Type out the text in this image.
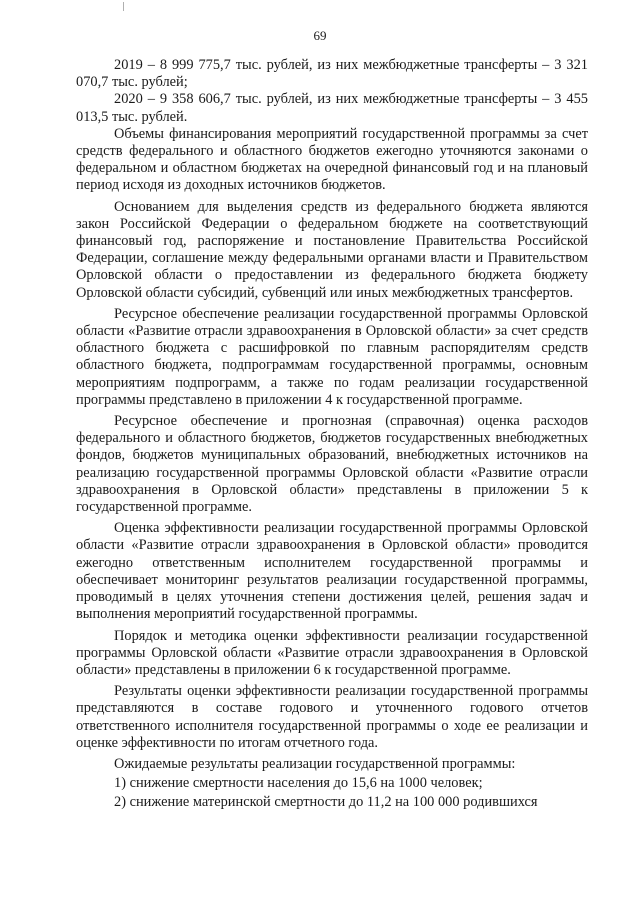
69

2019 – 8 999 775,7 тыс. рублей, из них межбюджетные трансферты – 3 321 070,7 тыс. рублей;

2020 – 9 358 606,7 тыс. рублей, из них межбюджетные трансферты – 3 455 013,5 тыс. рублей.

Объемы финансирования мероприятий государственной программы за счет средств федерального и областного бюджетов ежегодно уточняются законами о федеральном и областном бюджетах на очередной финансовый год и на плановый период исходя из доходных источников бюджетов.

Основанием для выделения средств из федерального бюджета являются закон Российской Федерации о федеральном бюджете на соответствующий финансовый год, распоряжение и постановление Правительства Российской Федерации, соглашение между федеральными органами власти и Правительством Орловской области о предоставлении из федерального бюджета бюджету Орловской области субсидий, субвенций или иных межбюджетных трансфертов.

Ресурсное обеспечение реализации государственной программы Орловской области «Развитие отрасли здравоохранения в Орловской области» за счет средств областного бюджета с расшифровкой по главным распорядителям средств областного бюджета, подпрограммам государственной программы, основным мероприятиям подпрограмм, а также по годам реализации государственной программы представлено в приложении 4 к государственной программе.

Ресурсное обеспечение и прогнозная (справочная) оценка расходов федерального и областного бюджетов, бюджетов государственных внебюджетных фондов, бюджетов муниципальных образований, внебюджетных источников на реализацию государственной программы Орловской области «Развитие отрасли здравоохранения в Орловской области» представлены в приложении 5 к государственной программе.

Оценка эффективности реализации государственной программы Орловской области «Развитие отрасли здравоохранения в Орловской области» проводится ежегодно ответственным исполнителем государственной программы и обеспечивает мониторинг результатов реализации государственной программы, проводимый в целях уточнения степени достижения целей, решения задач и выполнения мероприятий государственной программы.

Порядок и методика оценки эффективности реализации государственной программы Орловской области «Развитие отрасли здравоохранения в Орловской области» представлены в приложении 6 к государственной программе.

Результаты оценки эффективности реализации государственной программы представляются в составе годового и уточненного годового отчетов ответственного исполнителя государственной программы о ходе ее реализации и оценке эффективности по итогам отчетного года.

Ожидаемые результаты реализации государственной программы:

1) снижение смертности населения до 15,6 на 1000 человек;

2) снижение материнской смертности до 11,2 на 100 000 родившихся
